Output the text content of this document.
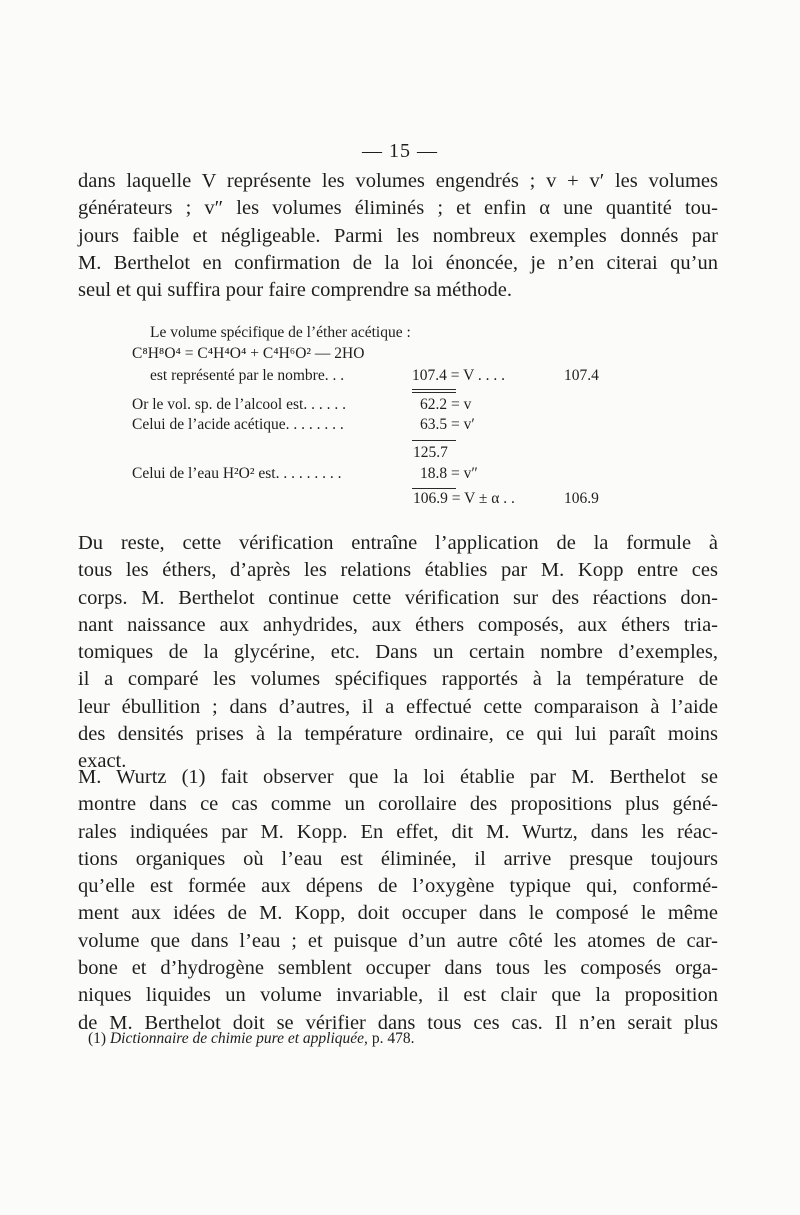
— 15 —
dans laquelle V représente les volumes engendrés ; v + v′ les volumes
générateurs ; v″ les volumes éliminés ; et enfin α une quantité tou-
jours faible et négligeable. Parmi les nombreux exemples donnés par
M. Berthelot en confirmation de la loi énoncée, je n’en citerai qu’un
seul et qui suffira pour faire comprendre sa méthode.
Le volume spécifique de l’éther acétique :
C⁸H⁸O⁴ = C⁴H⁴O⁴ + C⁴H⁶O² — 2HO
est représenté par le nombre. . .	107.4 = V . . . .	107.4
Or le vol. sp. de l’alcool est. . . . . .	62.2 = v
Celui de l’acide acétique. . . . . . . .	63.5 = v′
125.7
Celui de l’eau H²O² est. . . . . . . . .	18.8 = v″
106.9 = V ± α . .	106.9
Du reste, cette vérification entraîne l’application de la formule à
tous les éthers, d’après les relations établies par M. Kopp entre ces
corps. M. Berthelot continue cette vérification sur des réactions don-
nant naissance aux anhydrides, aux éthers composés, aux éthers tria-
tomiques de la glycérine, etc. Dans un certain nombre d’exemples,
il a comparé les volumes spécifiques rapportés à la température de
leur ébullition ; dans d’autres, il a effectué cette comparaison à l’aide
des densités prises à la température ordinaire, ce qui lui paraît moins
exact.
M. Wurtz (1) fait observer que la loi établie par M. Berthelot se
montre dans ce cas comme un corollaire des propositions plus géné-
rales indiquées par M. Kopp. En effet, dit M. Wurtz, dans les réac-
tions organiques où l’eau est éliminée, il arrive presque toujours
qu’elle est formée aux dépens de l’oxygène typique qui, conformé-
ment aux idées de M. Kopp, doit occuper dans le composé le même
volume que dans l’eau ; et puisque d’un autre côté les atomes de car-
bone et d’hydrogène semblent occuper dans tous les composés orga-
niques liquides un volume invariable, il est clair que la proposition
de M. Berthelot doit se vérifier dans tous ces cas. Il n’en serait plus
(1) Dictionnaire de chimie pure et appliquée, p. 478.
